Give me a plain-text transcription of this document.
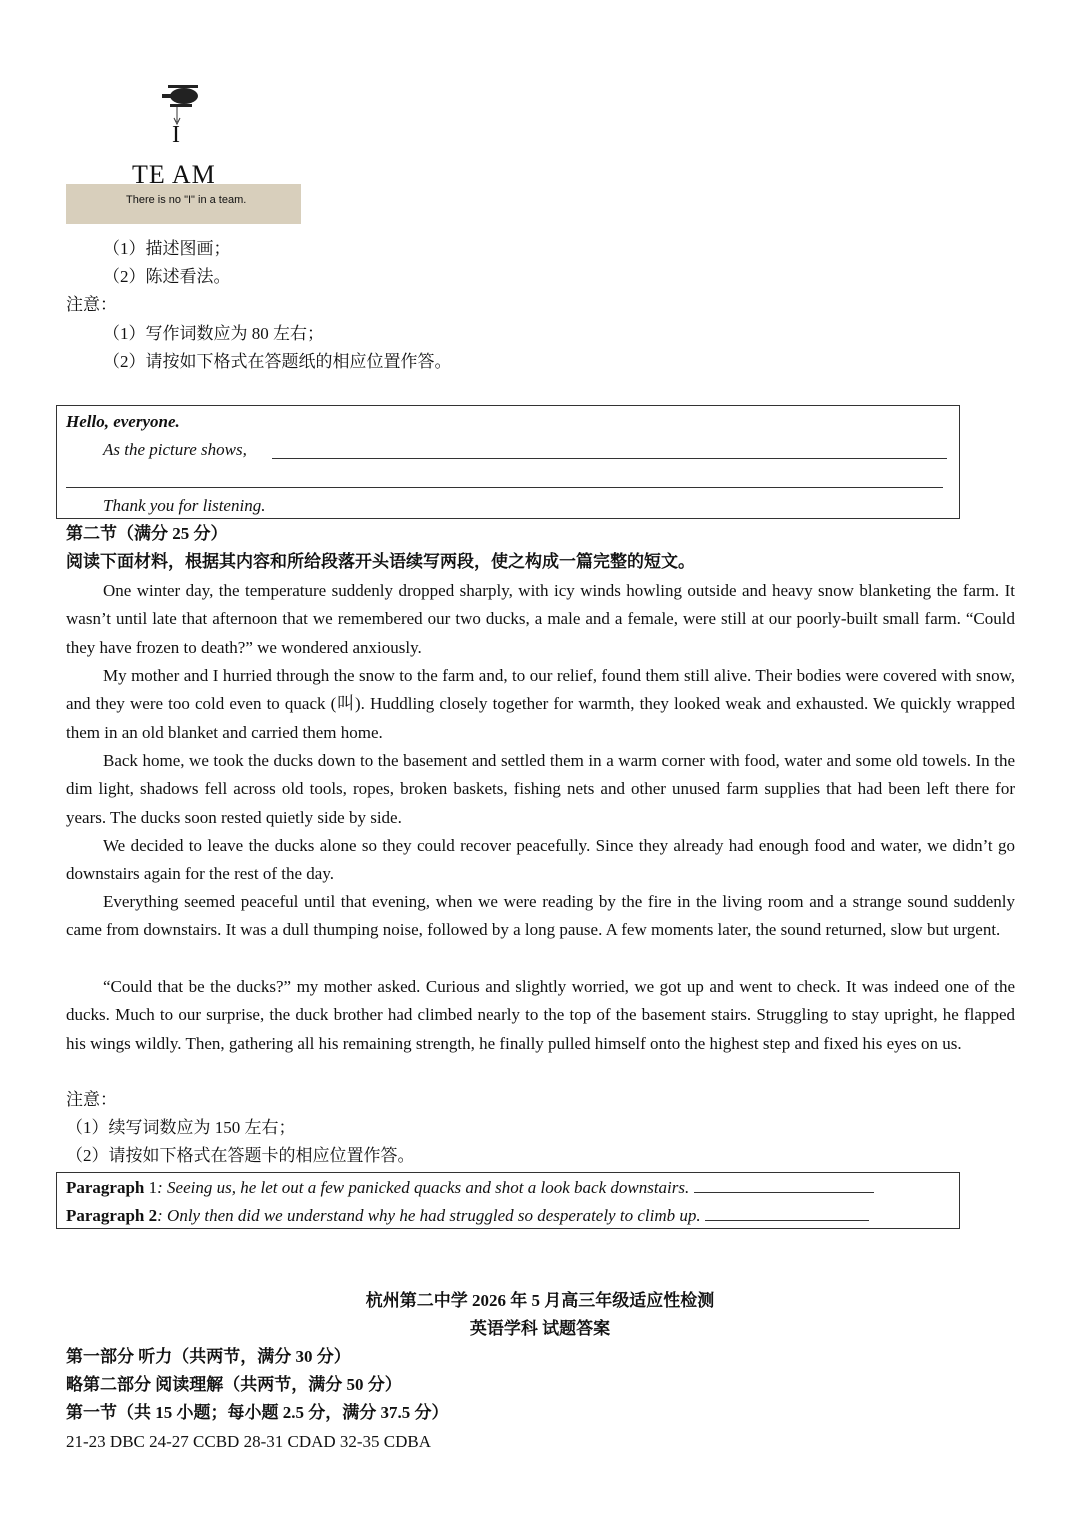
I
TE AM
There is no "I" in a team.
（1）描述图画；
（2）陈述看法。
注意：
（1）写作词数应为 80 左右；
（2）请按如下格式在答题纸的相应位置作答。
Hello, everyone.
As the picture shows,
Thank you for listening.
第二节（满分 25 分）
阅读下面材料，根据其内容和所给段落开头语续写两段，使之构成一篇完整的短文。

One winter day, the temperature suddenly dropped sharply, with icy winds howling outside and heavy snow blanketing the farm. It wasn’t until late that afternoon that we remembered our two ducks, a male and a female, were still at our poorly-built small farm. “Could they have frozen to death?” we wondered anxiously.

My mother and I hurried through the snow to the farm and, to our relief, found them still alive. Their bodies were covered with snow, and they were too cold even to quack (叫). Huddling closely together for warmth, they looked weak and exhausted. We quickly wrapped them in an old blanket and carried them home.

Back home, we took the ducks down to the basement and settled them in a warm corner with food, water and some old towels. In the dim light, shadows fell across old tools, ropes, broken baskets, fishing nets and other unused farm supplies that had been left there for years. The ducks soon rested quietly side by side.

We decided to leave the ducks alone so they could recover peacefully. Since they already had enough food and water, we didn’t go downstairs again for the rest of the day.

Everything seemed peaceful until that evening, when we were reading by the fire in the living room and a strange sound suddenly came from downstairs. It was a dull thumping noise, followed by a long pause. A few moments later, the sound returned, slow but urgent.

“Could that be the ducks?” my mother asked. Curious and slightly worried, we got up and went to check. It was indeed one of the ducks. Much to our surprise, the duck brother had climbed nearly to the top of the basement stairs. Struggling to stay upright, he flapped his wings wildly. Then, gathering all his remaining strength, he finally pulled himself onto the highest step and fixed his eyes on us.

注意：
（1）续写词数应为 150 左右；
（2）请按如下格式在答题卡的相应位置作答。
Paragraph 1: Seeing us, he let out a few panicked quacks and shot a look back downstairs.
Paragraph 2: Only then did we understand why he had struggled so desperately to climb up.
杭州第二中学 2026 年 5 月高三年级适应性检测
英语学科 试题答案
第一部分 听力（共两节，满分 30 分）
略第二部分 阅读理解（共两节，满分 50 分）
第一节（共 15 小题；每小题 2.5 分，满分 37.5 分）
21-23 DBC 24-27 CCBD 28-31 CDAD 32-35 CDBA
